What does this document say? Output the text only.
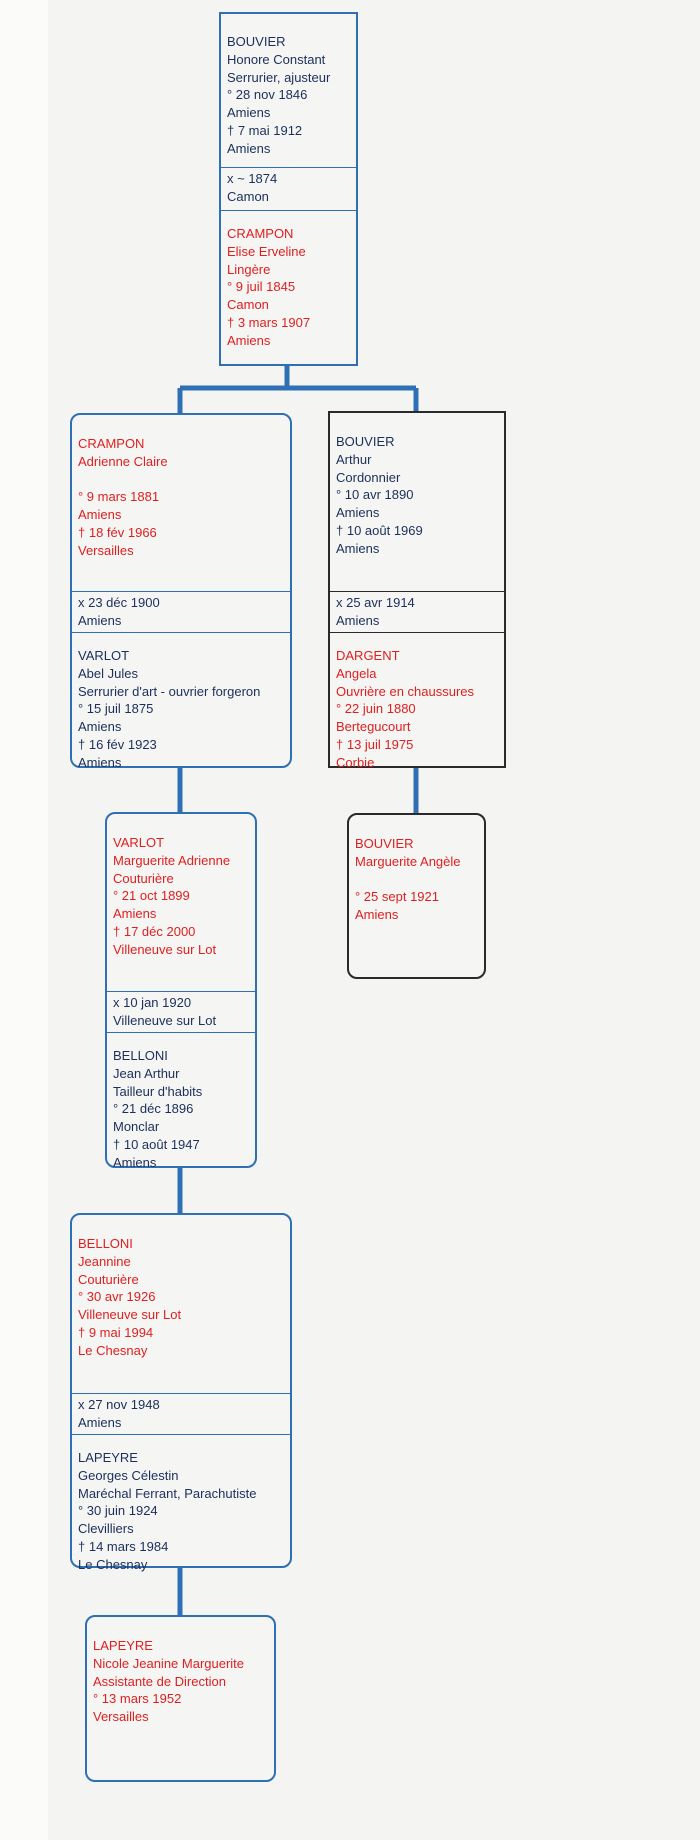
BOUVIER
Honore Constant
Serrurier, ajusteur
° 28 nov 1846
Amiens
† 7 mai 1912
Amiens
x ~ 1874
Camon
CRAMPON
Elise Erveline
Lingère
° 9 juil 1845
Camon
† 3 mars 1907
Amiens
CRAMPON
Adrienne Claire
° 9 mars 1881
Amiens
† 18 fév 1966
Versailles
x 23 déc 1900
Amiens
VARLOT
Abel Jules
Serrurier d'art - ouvrier forgeron
° 15 juil 1875
Amiens
† 16 fév 1923
Amiens
BOUVIER
Arthur
Cordonnier
° 10 avr 1890
Amiens
† 10 août 1969
Amiens
x 25 avr 1914
Amiens
DARGENT
Angela
Ouvrière en chaussures
° 22 juin 1880
Bertegucourt
† 13 juil 1975
Corbie
VARLOT
Marguerite Adrienne
Couturière
° 21 oct 1899
Amiens
† 17 déc 2000
Villeneuve sur Lot
x 10 jan 1920
Villeneuve sur Lot
BELLONI
Jean Arthur
Tailleur d'habits
° 21 déc 1896
Monclar
† 10 août 1947
Amiens
BOUVIER
Marguerite Angèle
° 25 sept 1921
Amiens
BELLONI
Jeannine
Couturière
° 30 avr 1926
Villeneuve sur Lot
† 9 mai 1994
Le Chesnay
x 27 nov 1948
Amiens
LAPEYRE
Georges Célestin
Maréchal Ferrant, Parachutiste
° 30 juin 1924
Clevilliers
† 14 mars 1984
Le Chesnay
LAPEYRE
Nicole Jeanine Marguerite
Assistante de Direction
° 13 mars 1952
Versailles
